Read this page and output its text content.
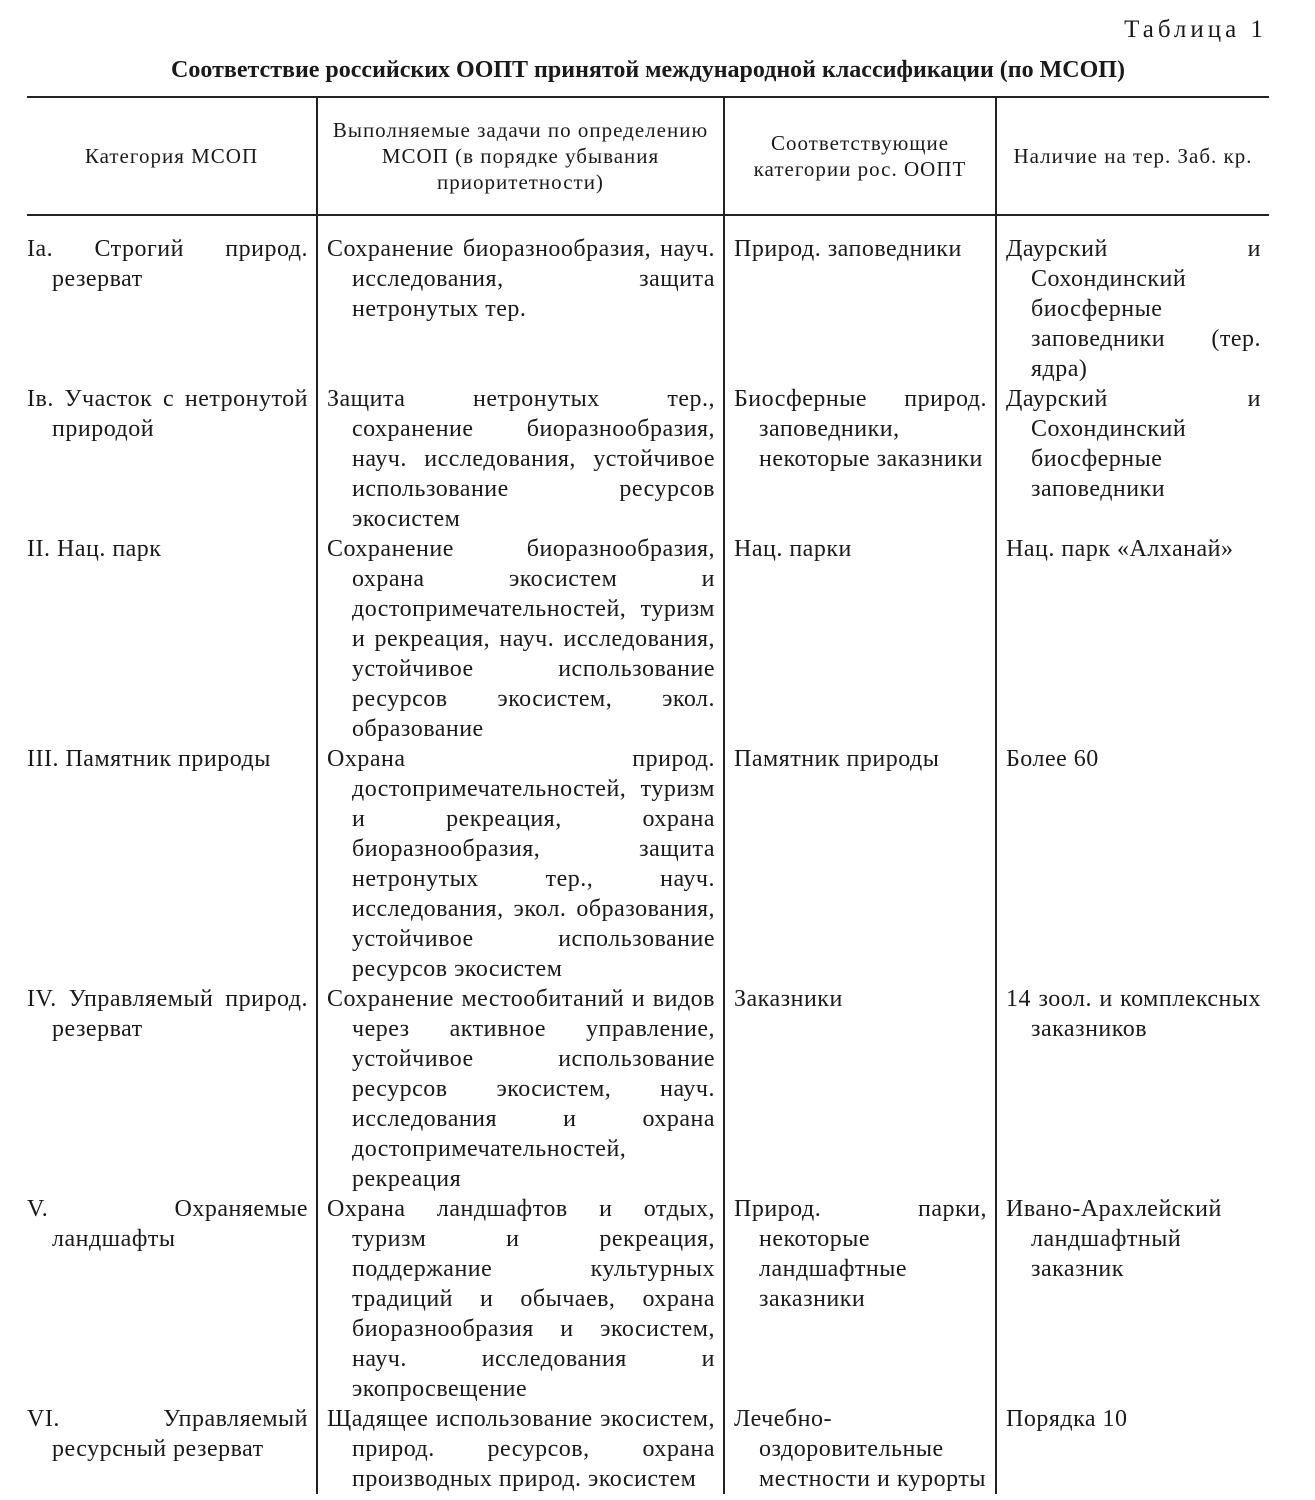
Таблица 1
Соответствие российских ООПТ принятой международной классификации (по МСОП)
Категория МСОП	Выполняемые задачи по определению МСОП (в порядке убывания приоритетности)	Соответствующие категории рос. ООПТ	Наличие на тер. Заб. кр.
Ia. Строгий природ. резерват	Сохранение биоразнообразия, науч. исследования, защита нетронутых тер.	Природ. заповедники	Даурский и Сохондинский биосферные заповедники (тер. ядра)
Iв. Участок с нетронутой природой	Защита нетронутых тер., сохранение биоразнообразия, науч. исследования, устойчивое использование ресурсов экосистем	Биосферные природ. заповедники, некоторые заказники	Даурский и Сохондинский биосферные заповедники
II. Нац. парк	Сохранение биоразнообразия, охрана экосистем и достопримечательностей, туризм и рекреация, науч. исследования, устойчивое использование ресурсов экосистем, экол. образование	Нац. парки	Нац. парк «Алханай»
III. Памятник природы	Охрана природ. достопримечательностей, туризм и рекреация, охрана биоразнообразия, защита нетронутых тер., науч. исследования, экол. образования, устойчивое использование ресурсов экосистем	Памятник природы	Более 60
IV. Управляемый природ. резерват	Сохранение местообитаний и видов через активное управление, устойчивое использование ресурсов экосистем, науч. исследования и охрана достопримечательностей, рекреация	Заказники	14 зоол. и комплексных заказников
V. Охраняемые ландшафты	Охрана ландшафтов и отдых, туризм и рекреация, поддержание культурных традиций и обычаев, охрана биоразнообразия и экосистем, науч. исследования и экопросвещение	Природ. парки, некоторые ландшафтные заказники	Ивано-Арахлейский ландшафтный заказник
VI. Управляемый ресурсный резерват	Щадящее использование экосистем, природ. ресурсов, охрана производных природ. экосистем	Лечебно-оздоровительные местности и курорты	Порядка 10
